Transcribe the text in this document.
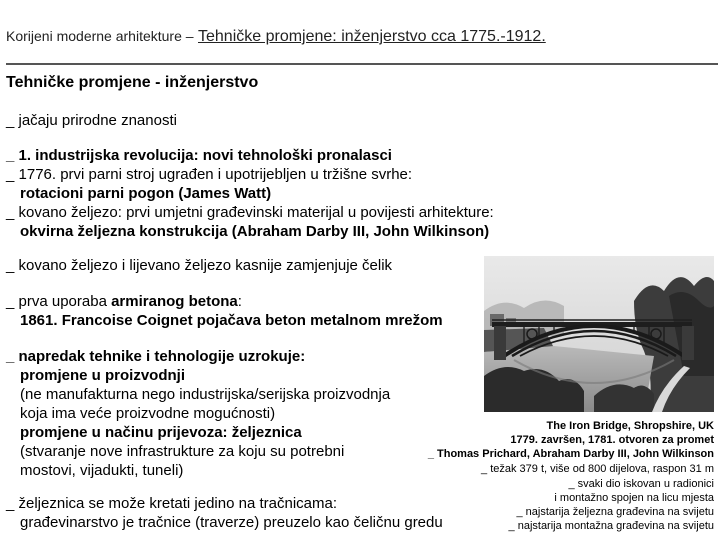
Korijeni moderne arhitekture – Tehničke promjene: inženjerstvo cca 1775.-1912.
Tehničke promjene - inženjerstvo
_ jačaju prirodne znanosti
_ 1. industrijska revolucija: novi tehnološki pronalasci
_ 1776. prvi parni stroj ugrađen i upotrijebljen u tržišne svrhe:
rotacioni parni pogon (James Watt)
_ kovano željezo: prvi umjetni građevinski materijal u povijesti arhitekture:
okvirna željezna konstrukcija (Abraham Darby III, John Wilkinson)
_ kovano željezo i lijevano željezo kasnije zamjenjuje čelik
_ prva uporaba armiranog betona:
1861. Francoise Coignet pojačava beton metalnom mrežom
_ napredak tehnike i tehnologije uzrokuje:
promjene u proizvodnji
(ne manufakturna nego industrijska/serijska proizvodnja
koja ima veće proizvodne mogućnosti)
promjene u načinu prijevoza: željeznica
(stvaranje nove infrastrukture za koju su potrebni
mostovi, vijadukti, tuneli)
_ željeznica se može kretati jedino na tračnicama:
građevinarstvo je tračnice (traverze) preuzelo kao čeličnu gredu
The Iron Bridge, Shropshire, UK
1779. završen, 1781. otvoren za promet
_ Thomas Prichard, Abraham Darby III, John Wilkinson
_ težak 379 t, više od 800 dijelova, raspon 31 m
_ svaki dio iskovan u radionici
i montažno spojen na licu mjesta
_ najstarija željezna građevina na svijetu
_ najstarija montažna građevina na svijetu
